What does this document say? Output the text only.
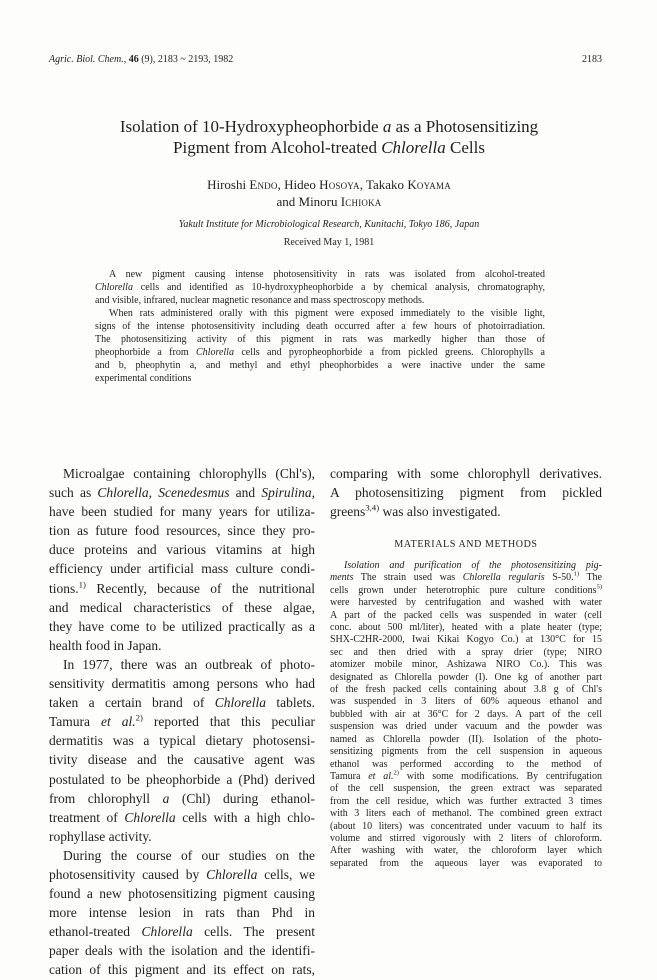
Agric. Biol. Chem., 46 (9), 2183 ~ 2193, 1982	2183
Isolation of 10-Hydroxypheophorbide a as a Photosensitizing
Pigment from Alcohol-treated Chlorella Cells
Hiroshi Endo, Hideo Hosoya, Takako Koyama
and Minoru Ichioka
Yakult Institute for Microbiological Research, Kunitachi, Tokyo 186, Japan
Received May 1, 1981
A new pigment causing intense photosensitivity in rats was isolated from alcohol-treated
Chlorella cells and identified as 10-hydroxypheophorbide a by chemical analysis, chromatography,
and visible, infrared, nuclear magnetic resonance and mass spectroscopy methods.
When rats administered orally with this pigment were exposed immediately to the visible light,
signs of the intense photosensitivity including death occurred after a few hours of photoirradiation.
The photosensitizing activity of this pigment in rats was markedly higher than those of
pheophorbide a from Chlorella cells and pyropheophorbide a from pickled greens. Chlorophylls a
and b, pheophytin a, and methyl and ethyl pheophorbides a were inactive under the same
experimental conditions
Microalgae containing chlorophylls (Chl's),
such as Chlorella, Scenedesmus and Spirulina,
have been studied for many years for utiliza-
tion as future food resources, since they pro-
duce proteins and various vitamins at high
efficiency under artificial mass culture condi-
tions.$^{1)}$ Recently, because of the nutritional
and medical characteristics of these algae,
they have come to be utilized practically as a
health food in Japan.
In 1977, there was an outbreak of photo-
sensitivity dermatitis among persons who had
taken a certain brand of Chlorella tablets.
Tamura et al.$^{2)}$ reported that this peculiar
dermatitis was a typical dietary photosensi-
tivity disease and the causative agent was
postulated to be pheophorbide a (Phd) derived
from chlorophyll a (Chl) during ethanol-
treatment of Chlorella cells with a high chlo-
rophyllase activity.
During the course of our studies on the
photosensitivity caused by Chlorella cells, we
found a new photosensitizing pigment causing
more intense lesion in rats than Phd in
ethanol-treated Chlorella cells. The present
paper deals with the isolation and the identifi-
cation of this pigment and its effect on rats,
comparing with some chlorophyll derivatives.
A photosensitizing pigment from pickled
greens$^{3,4)}$ was also investigated.
MATERIALS AND METHODS
Isolation and purification of the photosensitizing pig-
ments The strain used was Chlorella regularis S-50.$^{1)}$ The
cells grown under heterotrophic pure culture conditions$^{5)}$
were harvested by centrifugation and washed with water
A part of the packed cells was suspended in water (cell
conc. about 500 ml/liter), heated with a plate heater (type;
SHX-C2HR-2000, Iwai Kikai Kogyo Co.) at 130°C for 15
sec and then dried with a spray drier (type; NIRO
atomizer mobile minor, Ashizawa NIRO Co.). This was
designated as Chlorella powder (I). One kg of another part
of the fresh packed cells containing about 3.8 g of Chl's
was suspended in 3 liters of 60% aqueous ethanol and
bubbled with air at 36°C for 2 days. A part of the cell
suspension was dried under vacuum and the powder was
named as Chlorella powder (II). Isolation of the photo-
sensitizing pigments from the cell suspension in aqueous
ethanol was performed according to the method of
Tamura et al.$^{2)}$ with some modifications. By centrifugation
of the cell suspension, the green extract was separated
from the cell residue, which was further extracted 3 times
with 3 liters each of methanol. The combined green extract
(about 10 liters) was concentrated under vacuum to half its
volume and stirred vigorously with 2 liters of chloroform.
After washing with water, the chloroform layer which
separated from the aqueous layer was evaporated to
